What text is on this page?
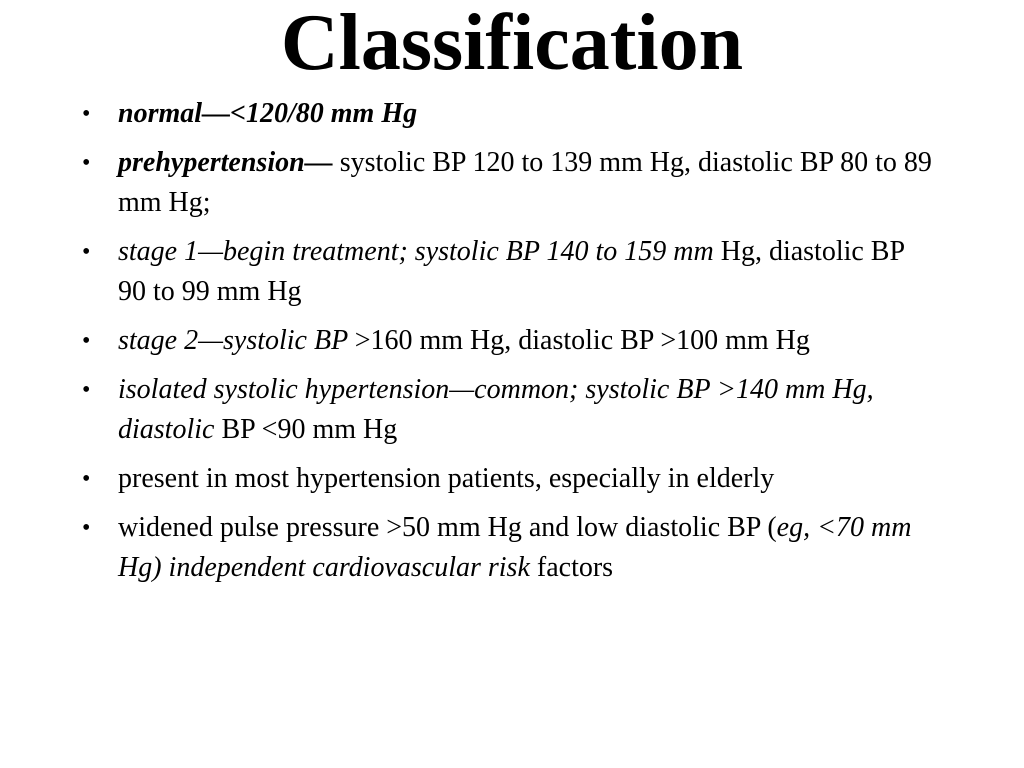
Classification
• normal—<120/80 mm Hg
• prehypertension— systolic BP 120 to 139 mm Hg, diastolic BP 80 to 89 mm Hg;
• stage 1—begin treatment; systolic BP 140 to 159 mm Hg, diastolic BP 90 to 99 mm Hg
• stage 2—systolic BP >160 mm Hg, diastolic BP >100 mm Hg
• isolated systolic hypertension—common; systolic BP >140 mm Hg, diastolic BP <90 mm Hg
• present in most hypertension patients, especially in elderly
• widened pulse pressure >50 mm Hg and low diastolic BP (eg, <70 mm Hg) independent cardiovascular risk factors
